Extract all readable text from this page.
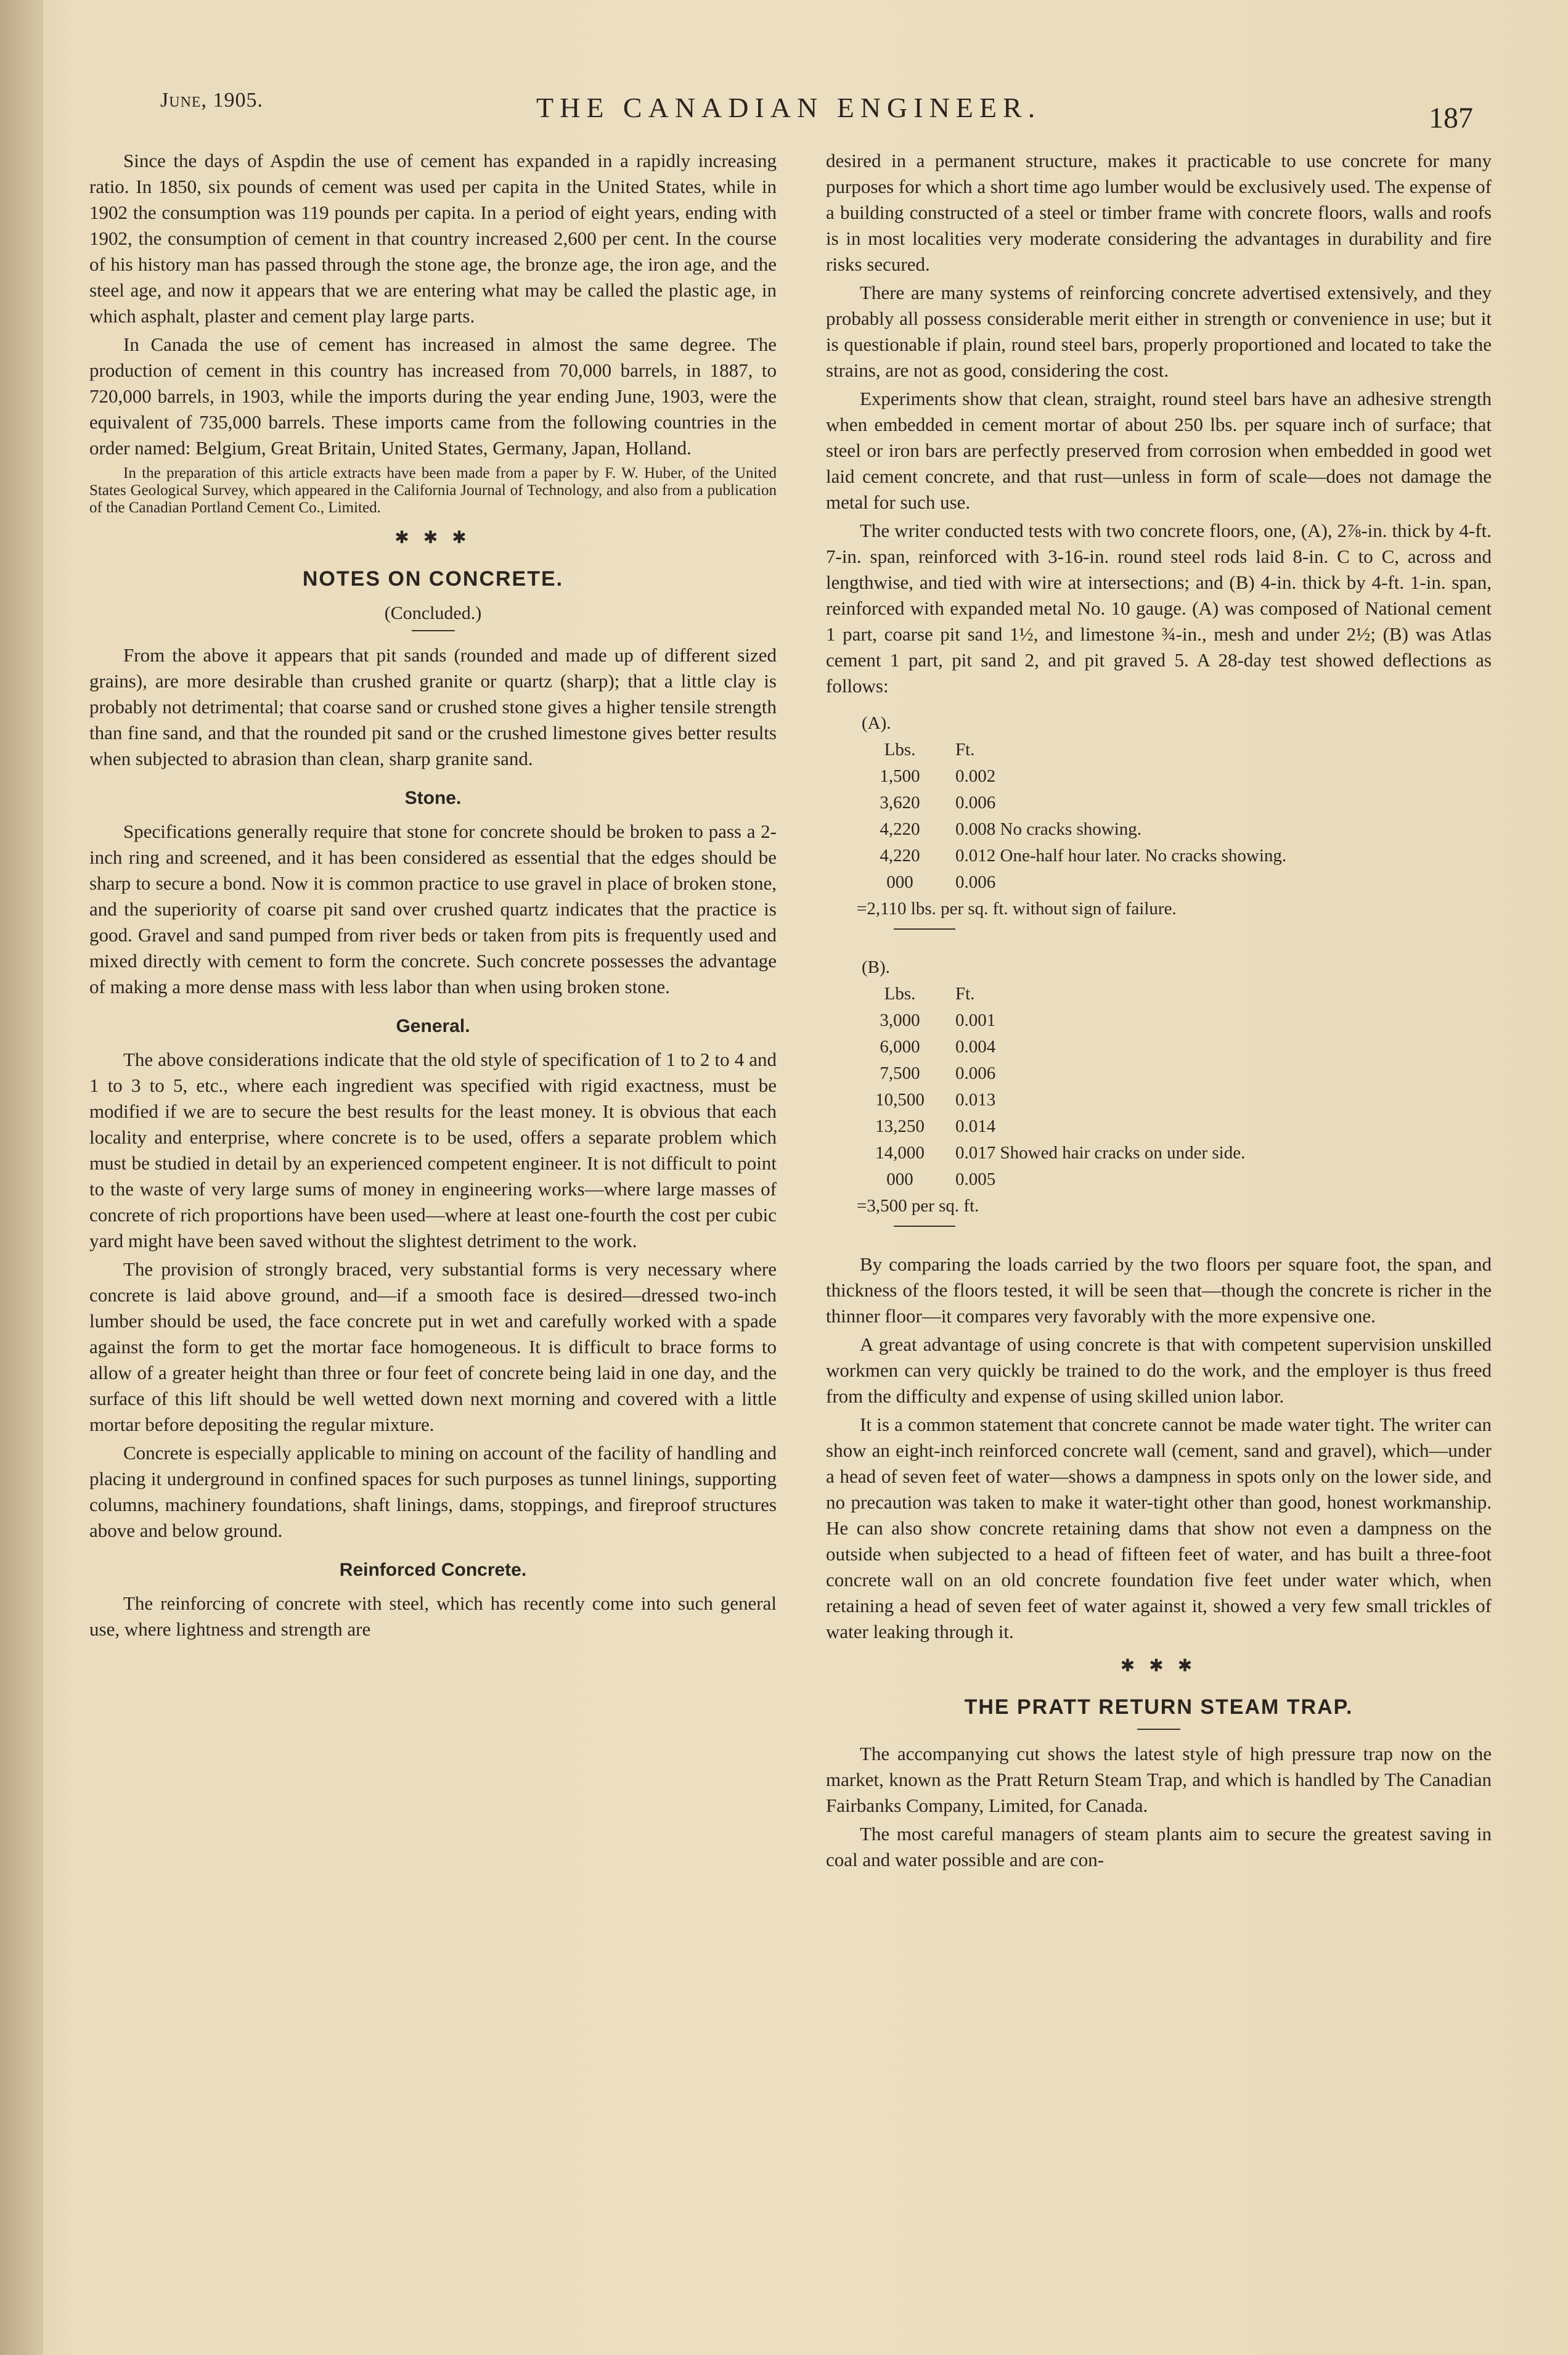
June, 1905.	THE CANADIAN ENGINEER.	187

Since the days of Aspdin the use of cement has expanded in a rapidly increasing ratio. In 1850, six pounds of cement was used per capita in the United States, while in 1902 the consumption was 119 pounds per capita. In a period of eight years, ending with 1902, the consumption of cement in that country increased 2,600 per cent. In the course of his history man has passed through the stone age, the bronze age, the iron age, and the steel age, and now it appears that we are entering what may be called the plastic age, in which asphalt, plaster and cement play large parts.

In Canada the use of cement has increased in almost the same degree. The production of cement in this country has increased from 70,000 barrels, in 1887, to 720,000 barrels, in 1903, while the imports during the year ending June, 1903, were the equivalent of 735,000 barrels. These imports came from the following countries in the order named: Belgium, Great Britain, United States, Germany, Japan, Holland.

In the preparation of this article extracts have been made from a paper by F. W. Huber, of the United States Geological Survey, which appeared in the California Journal of Technology, and also from a publication of the Canadian Portland Cement Co., Limited.

✱ ✱ ✱
NOTES ON CONCRETE.
(Concluded.)

From the above it appears that pit sands (rounded and made up of different sized grains), are more desirable than crushed granite or quartz (sharp); that a little clay is probably not detrimental; that coarse sand or crushed stone gives a higher tensile strength than fine sand, and that the rounded pit sand or the crushed limestone gives better results when subjected to abrasion than clean, sharp granite sand.

Stone.

Specifications generally require that stone for concrete should be broken to pass a 2-inch ring and screened, and it has been considered as essential that the edges should be sharp to secure a bond. Now it is common practice to use gravel in place of broken stone, and the superiority of coarse pit sand over crushed quartz indicates that the practice is good. Gravel and sand pumped from river beds or taken from pits is frequently used and mixed directly with cement to form the concrete. Such concrete possesses the advantage of making a more dense mass with less labor than when using broken stone.

General.

The above considerations indicate that the old style of specification of 1 to 2 to 4 and 1 to 3 to 5, etc., where each ingredient was specified with rigid exactness, must be modified if we are to secure the best results for the least money. It is obvious that each locality and enterprise, where concrete is to be used, offers a separate problem which must be studied in detail by an experienced competent engineer. It is not difficult to point to the waste of very large sums of money in engineering works—where large masses of concrete of rich proportions have been used—where at least one-fourth the cost per cubic yard might have been saved without the slightest detriment to the work.

The provision of strongly braced, very substantial forms is very necessary where concrete is laid above ground, and—if a smooth face is desired—dressed two-inch lumber should be used, the face concrete put in wet and carefully worked with a spade against the form to get the mortar face homogeneous. It is difficult to brace forms to allow of a greater height than three or four feet of concrete being laid in one day, and the surface of this lift should be well wetted down next morning and covered with a little mortar before depositing the regular mixture.

Concrete is especially applicable to mining on account of the facility of handling and placing it underground in confined spaces for such purposes as tunnel linings, supporting columns, machinery foundations, shaft linings, dams, stoppings, and fireproof structures above and below ground.

Reinforced Concrete.

The reinforcing of concrete with steel, which has recently come into such general use, where lightness and strength are

desired in a permanent structure, makes it practicable to use concrete for many purposes for which a short time ago lumber would be exclusively used. The expense of a building constructed of a steel or timber frame with concrete floors, walls and roofs is in most localities very moderate considering the advantages in durability and fire risks secured.

There are many systems of reinforcing concrete advertised extensively, and they probably all possess considerable merit either in strength or convenience in use; but it is questionable if plain, round steel bars, properly proportioned and located to take the strains, are not as good, considering the cost.

Experiments show that clean, straight, round steel bars have an adhesive strength when embedded in cement mortar of about 250 lbs. per square inch of surface; that steel or iron bars are perfectly preserved from corrosion when embedded in good wet laid cement concrete, and that rust—unless in form of scale—does not damage the metal for such use.

The writer conducted tests with two concrete floors, one, (A), 2⅞-in. thick by 4-ft. 7-in. span, reinforced with 3-16-in. round steel rods laid 8-in. C to C, across and lengthwise, and tied with wire at intersections; and (B) 4-in. thick by 4-ft. 1-in. span, reinforced with expanded metal No. 10 gauge. (A) was composed of National cement 1 part, coarse pit sand 1½, and limestone ¾-in., mesh and under 2½; (B) was Atlas cement 1 part, pit sand 2, and pit graved 5. A 28-day test showed deflections as follows:

(A).
Lbs.	Ft.
1,500	0.002
3,620	0.006
4,220	0.008 No cracks showing.
4,220	0.012 One-half hour later. No cracks showing.
000	0.006
=2,110 lbs. per sq. ft. without sign of failure.
(B).
Lbs.	Ft.
3,000	0.001
6,000	0.004
7,500	0.006
10,500	0.013
13,250	0.014
14,000	0.017 Showed hair cracks on under side.
000	0.005
=3,500 per sq. ft.

By comparing the loads carried by the two floors per square foot, the span, and thickness of the floors tested, it will be seen that—though the concrete is richer in the thinner floor—it compares very favorably with the more expensive one.

A great advantage of using concrete is that with competent supervision unskilled workmen can very quickly be trained to do the work, and the employer is thus freed from the difficulty and expense of using skilled union labor.

It is a common statement that concrete cannot be made water tight. The writer can show an eight-inch reinforced concrete wall (cement, sand and gravel), which—under a head of seven feet of water—shows a dampness in spots only on the lower side, and no precaution was taken to make it water-tight other than good, honest workmanship. He can also show concrete retaining dams that show not even a dampness on the outside when subjected to a head of fifteen feet of water, and has built a three-foot concrete wall on an old concrete foundation five feet under water which, when retaining a head of seven feet of water against it, showed a very few small trickles of water leaking through it.

✱ ✱ ✱
THE PRATT RETURN STEAM TRAP.

The accompanying cut shows the latest style of high pressure trap now on the market, known as the Pratt Return Steam Trap, and which is handled by The Canadian Fairbanks Company, Limited, for Canada.

The most careful managers of steam plants aim to secure the greatest saving in coal and water possible and are con-
